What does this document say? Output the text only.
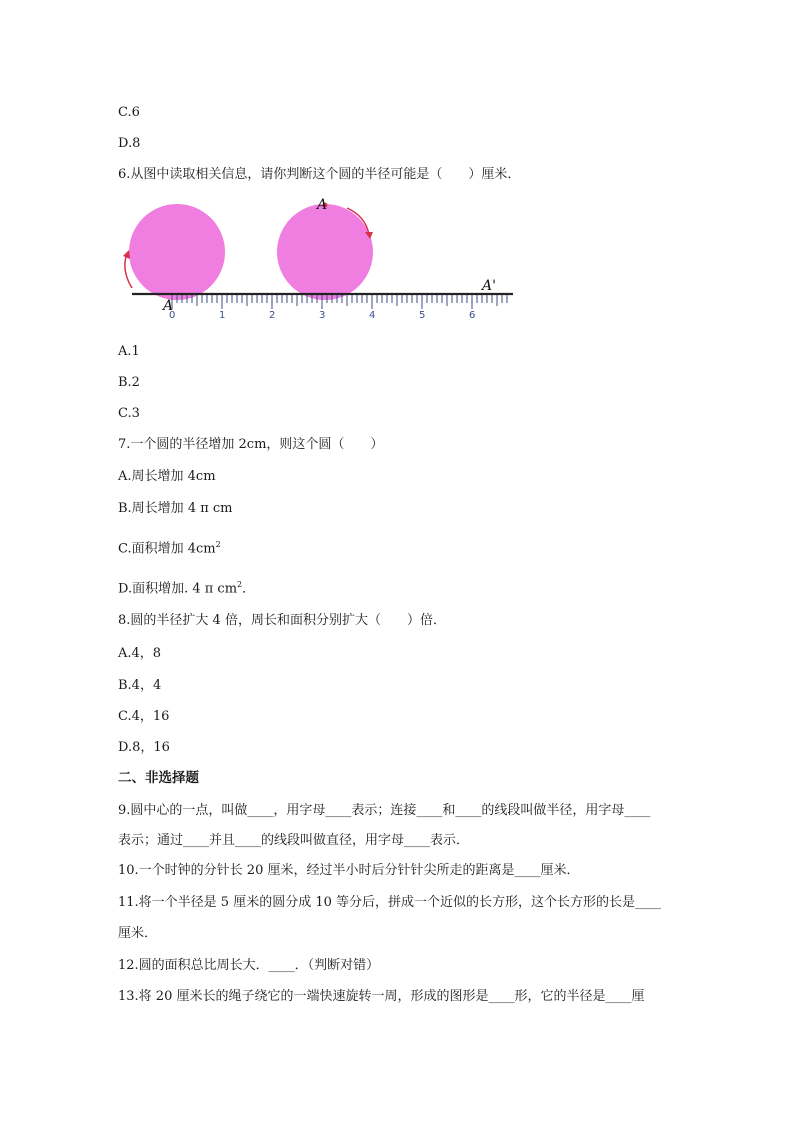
C.6
D.8
6.从图中读取相关信息，请你判断这个圆的半径可能是（　　）厘米．
0	1	2	3	4	5	6
A
A
A'
A.1
B.2
C.3
7.一个圆的半径增加 2cm，则这个圆（　　）
A.周长增加 4cm
B.周长增加 4 π cm
C.面积增加 $4cm^2$
D.面积增加. 4 π $cm^2$．
8.圆的半径扩大 4 倍，周长和面积分别扩大（　　）倍．
A.4，8
B.4，4
C.4，16
D.8，16
二、非选择题
9.圆中心的一点，叫做____，用字母____表示；连接____和____的线段叫做半径，用字母____
表示；通过____并且____的线段叫做直径，用字母____表示．
10.一个时钟的分针长 20 厘米，经过半小时后分针针尖所走的距离是____厘米．
11.将一个半径是 5 厘米的圆分成 10 等分后，拼成一个近似的长方形，这个长方形的长是____
厘米．
12.圆的面积总比周长大．____．（判断对错）
13.将 20 厘米长的绳子绕它的一端快速旋转一周，形成的图形是____形，它的半径是____厘
